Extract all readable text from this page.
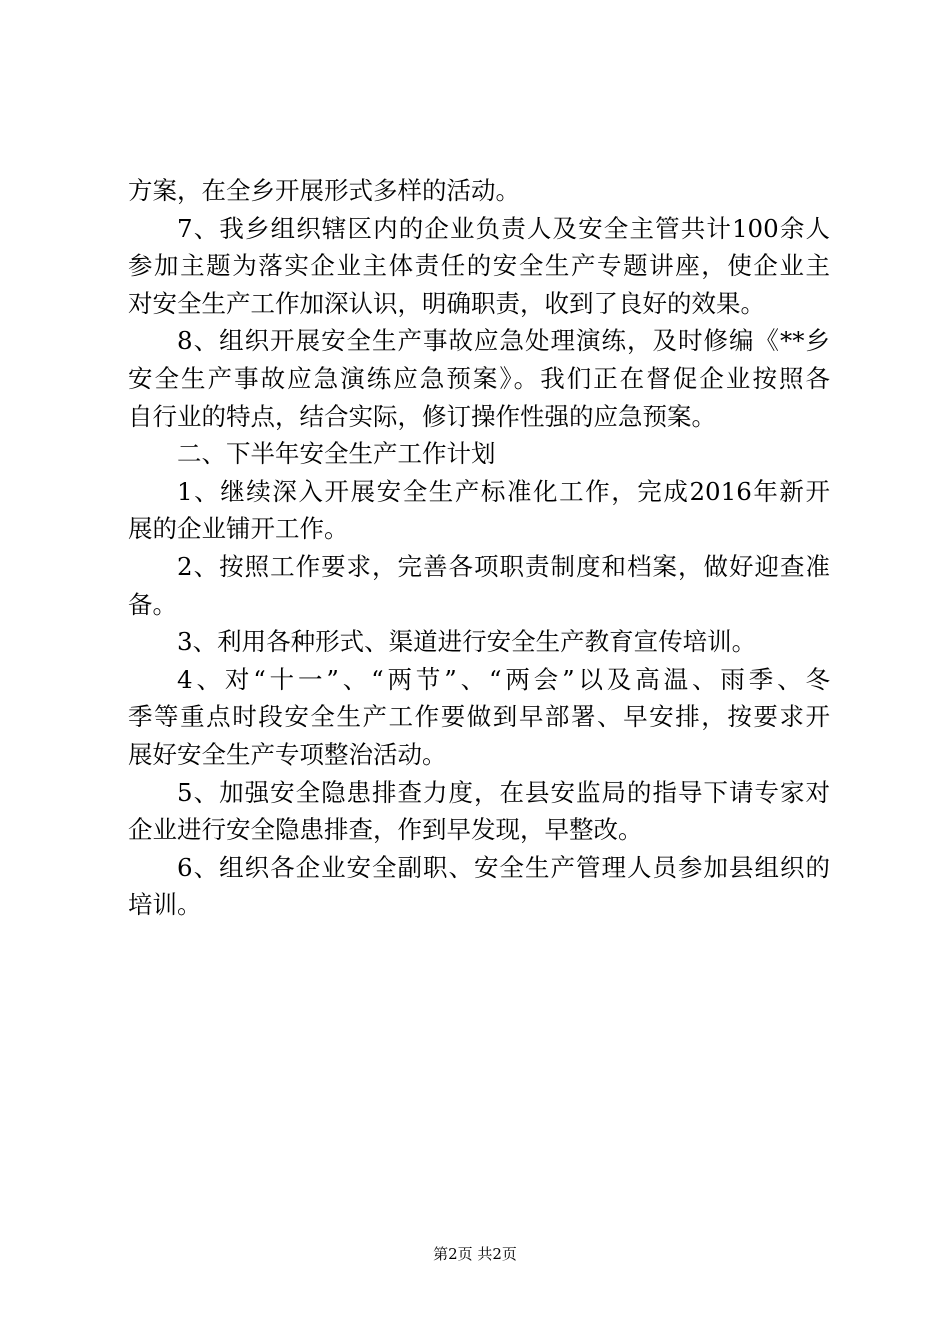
方案，在全乡开展形式多样的活动。
7、我乡组织辖区内的企业负责人及安全主管共计100余人
参加主题为落实企业主体责任的安全生产专题讲座，使企业主
对安全生产工作加深认识，明确职责，收到了良好的效果。
8、组织开展安全生产事故应急处理演练，及时修编《**乡
安全生产事故应急演练应急预案》。我们正在督促企业按照各
自行业的特点，结合实际，修订操作性强的应急预案。
二、下半年安全生产工作计划
1、继续深入开展安全生产标准化工作，完成2016年新开
展的企业铺开工作。
2、按照工作要求，完善各项职责制度和档案，做好迎查准
备。
3、利用各种形式、渠道进行安全生产教育宣传培训。
4、对“十一”、“两节”、“两会”以及高温、雨季、冬
季等重点时段安全生产工作要做到早部署、早安排，按要求开
展好安全生产专项整治活动。
5、加强安全隐患排查力度，在县安监局的指导下请专家对
企业进行安全隐患排查，作到早发现，早整改。
6、组织各企业安全副职、安全生产管理人员参加县组织的
培训。
第2页 共2页
